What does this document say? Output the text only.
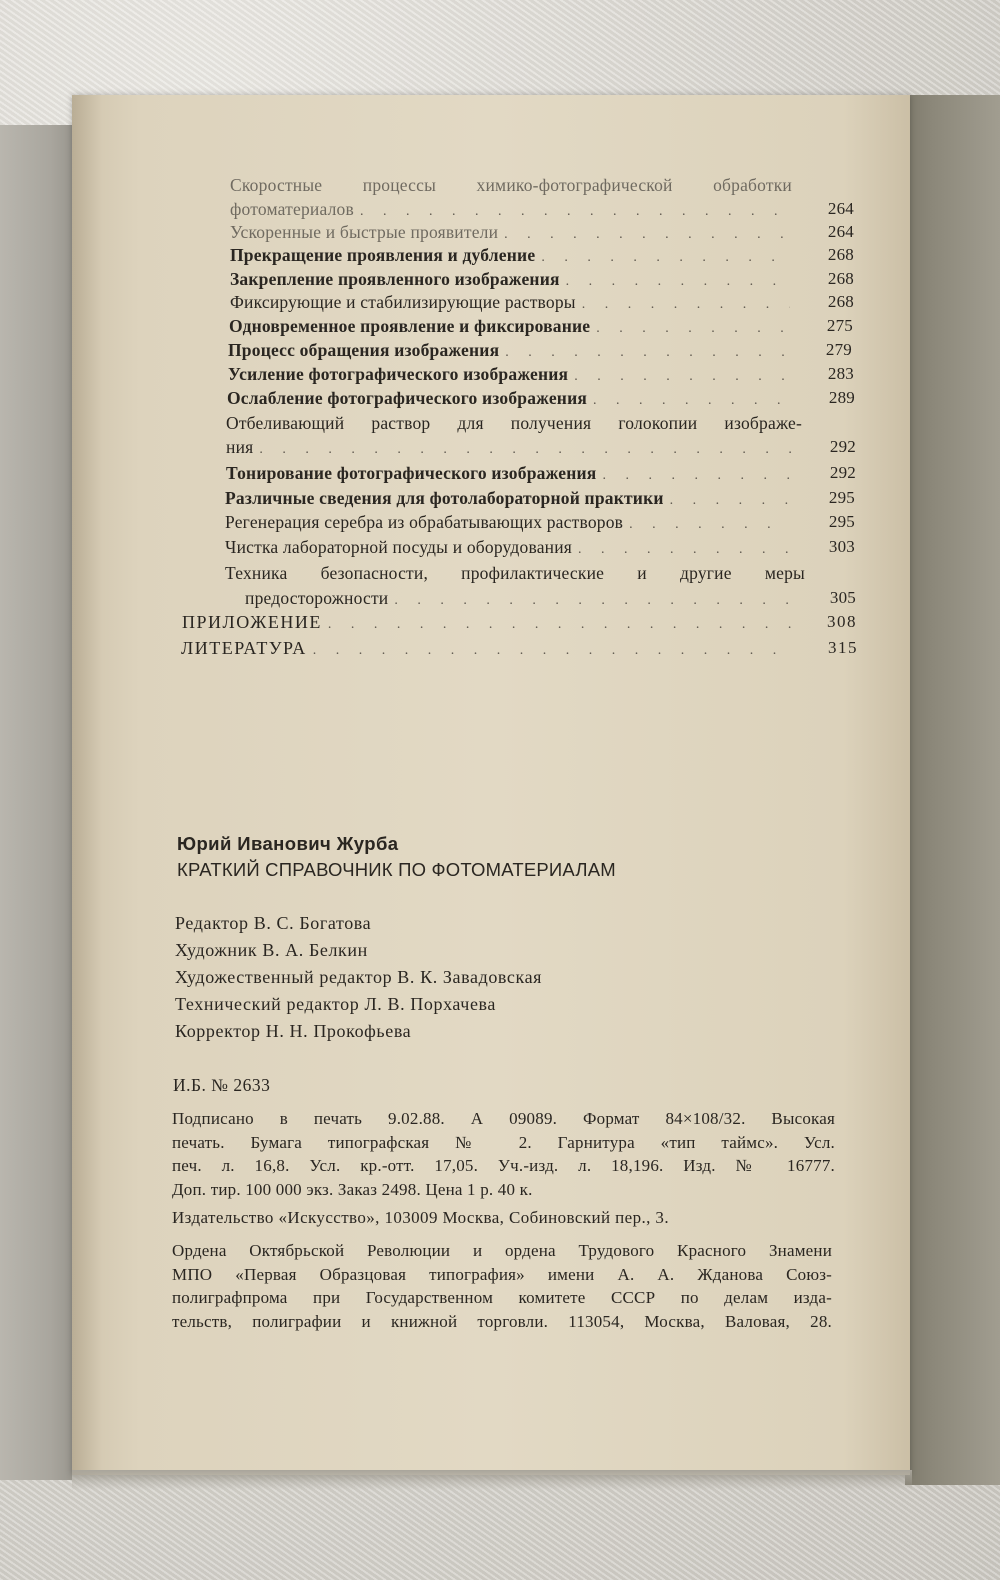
Скоростные процессы химико-фотографической обработки
фотоматериалов . . .	264
Ускоренные и быстрые проявители . . .	264
Прекращение проявления и дубление . . .	268
Закрепление проявленного изображения . . .	268
Фиксирующие и стабилизирующие растворы . . .	268
Одновременное проявление и фиксирование . . .	275
Процесс обращения изображения . . .	279
Усиление фотографического изображения . . .	283
Ослабление фотографического изображения . . .	289
Отбеливающий раствор для получения голокопии изображе-
ния . . .	292
Тонирование фотографического изображения . . .	292
Различные сведения для фотолабораторной практики . . .	295
Регенерация серебра из обрабатывающих растворов . . .	295
Чистка лабораторной посуды и оборудования . . .	303
Техника безопасности, профилактические и другие меры
предосторожности . . .	305
ПРИЛОЖЕНИЕ . . .	308
ЛИТЕРАТУРА . . .	315
Юрий Иванович Журба
КРАТКИЙ СПРАВОЧНИК ПО ФОТОМАТЕРИАЛАМ
Редактор В. С. Богатова
Художник В. А. Белкин
Художественный редактор В. К. Завадовская
Технический редактор Л. В. Порхачева
Корректор Н. Н. Прокофьева
И.Б. № 2633
Подписано в печать 9.02.88. А 09089. Формат 84×108/32. Высокая
печать. Бумага типографская № 2. Гарнитура «тип таймс». Усл.
печ. л. 16,8. Усл. кр.-отт. 17,05. Уч.-изд. л. 18,196. Изд. № 16777.
Доп. тир. 100 000 экз. Заказ 2498. Цена 1 р. 40 к.
Издательство «Искусство», 103009 Москва, Собиновский пер., 3.
Ордена Октябрьской Революции и ордена Трудового Красного Знамени
МПО «Первая Образцовая типография» имени А. А. Жданова Союз-
полиграфпрома при Государственном комитете СССР по делам изда-
тельств, полиграфии и книжной торговли. 113054, Москва, Валовая, 28.
